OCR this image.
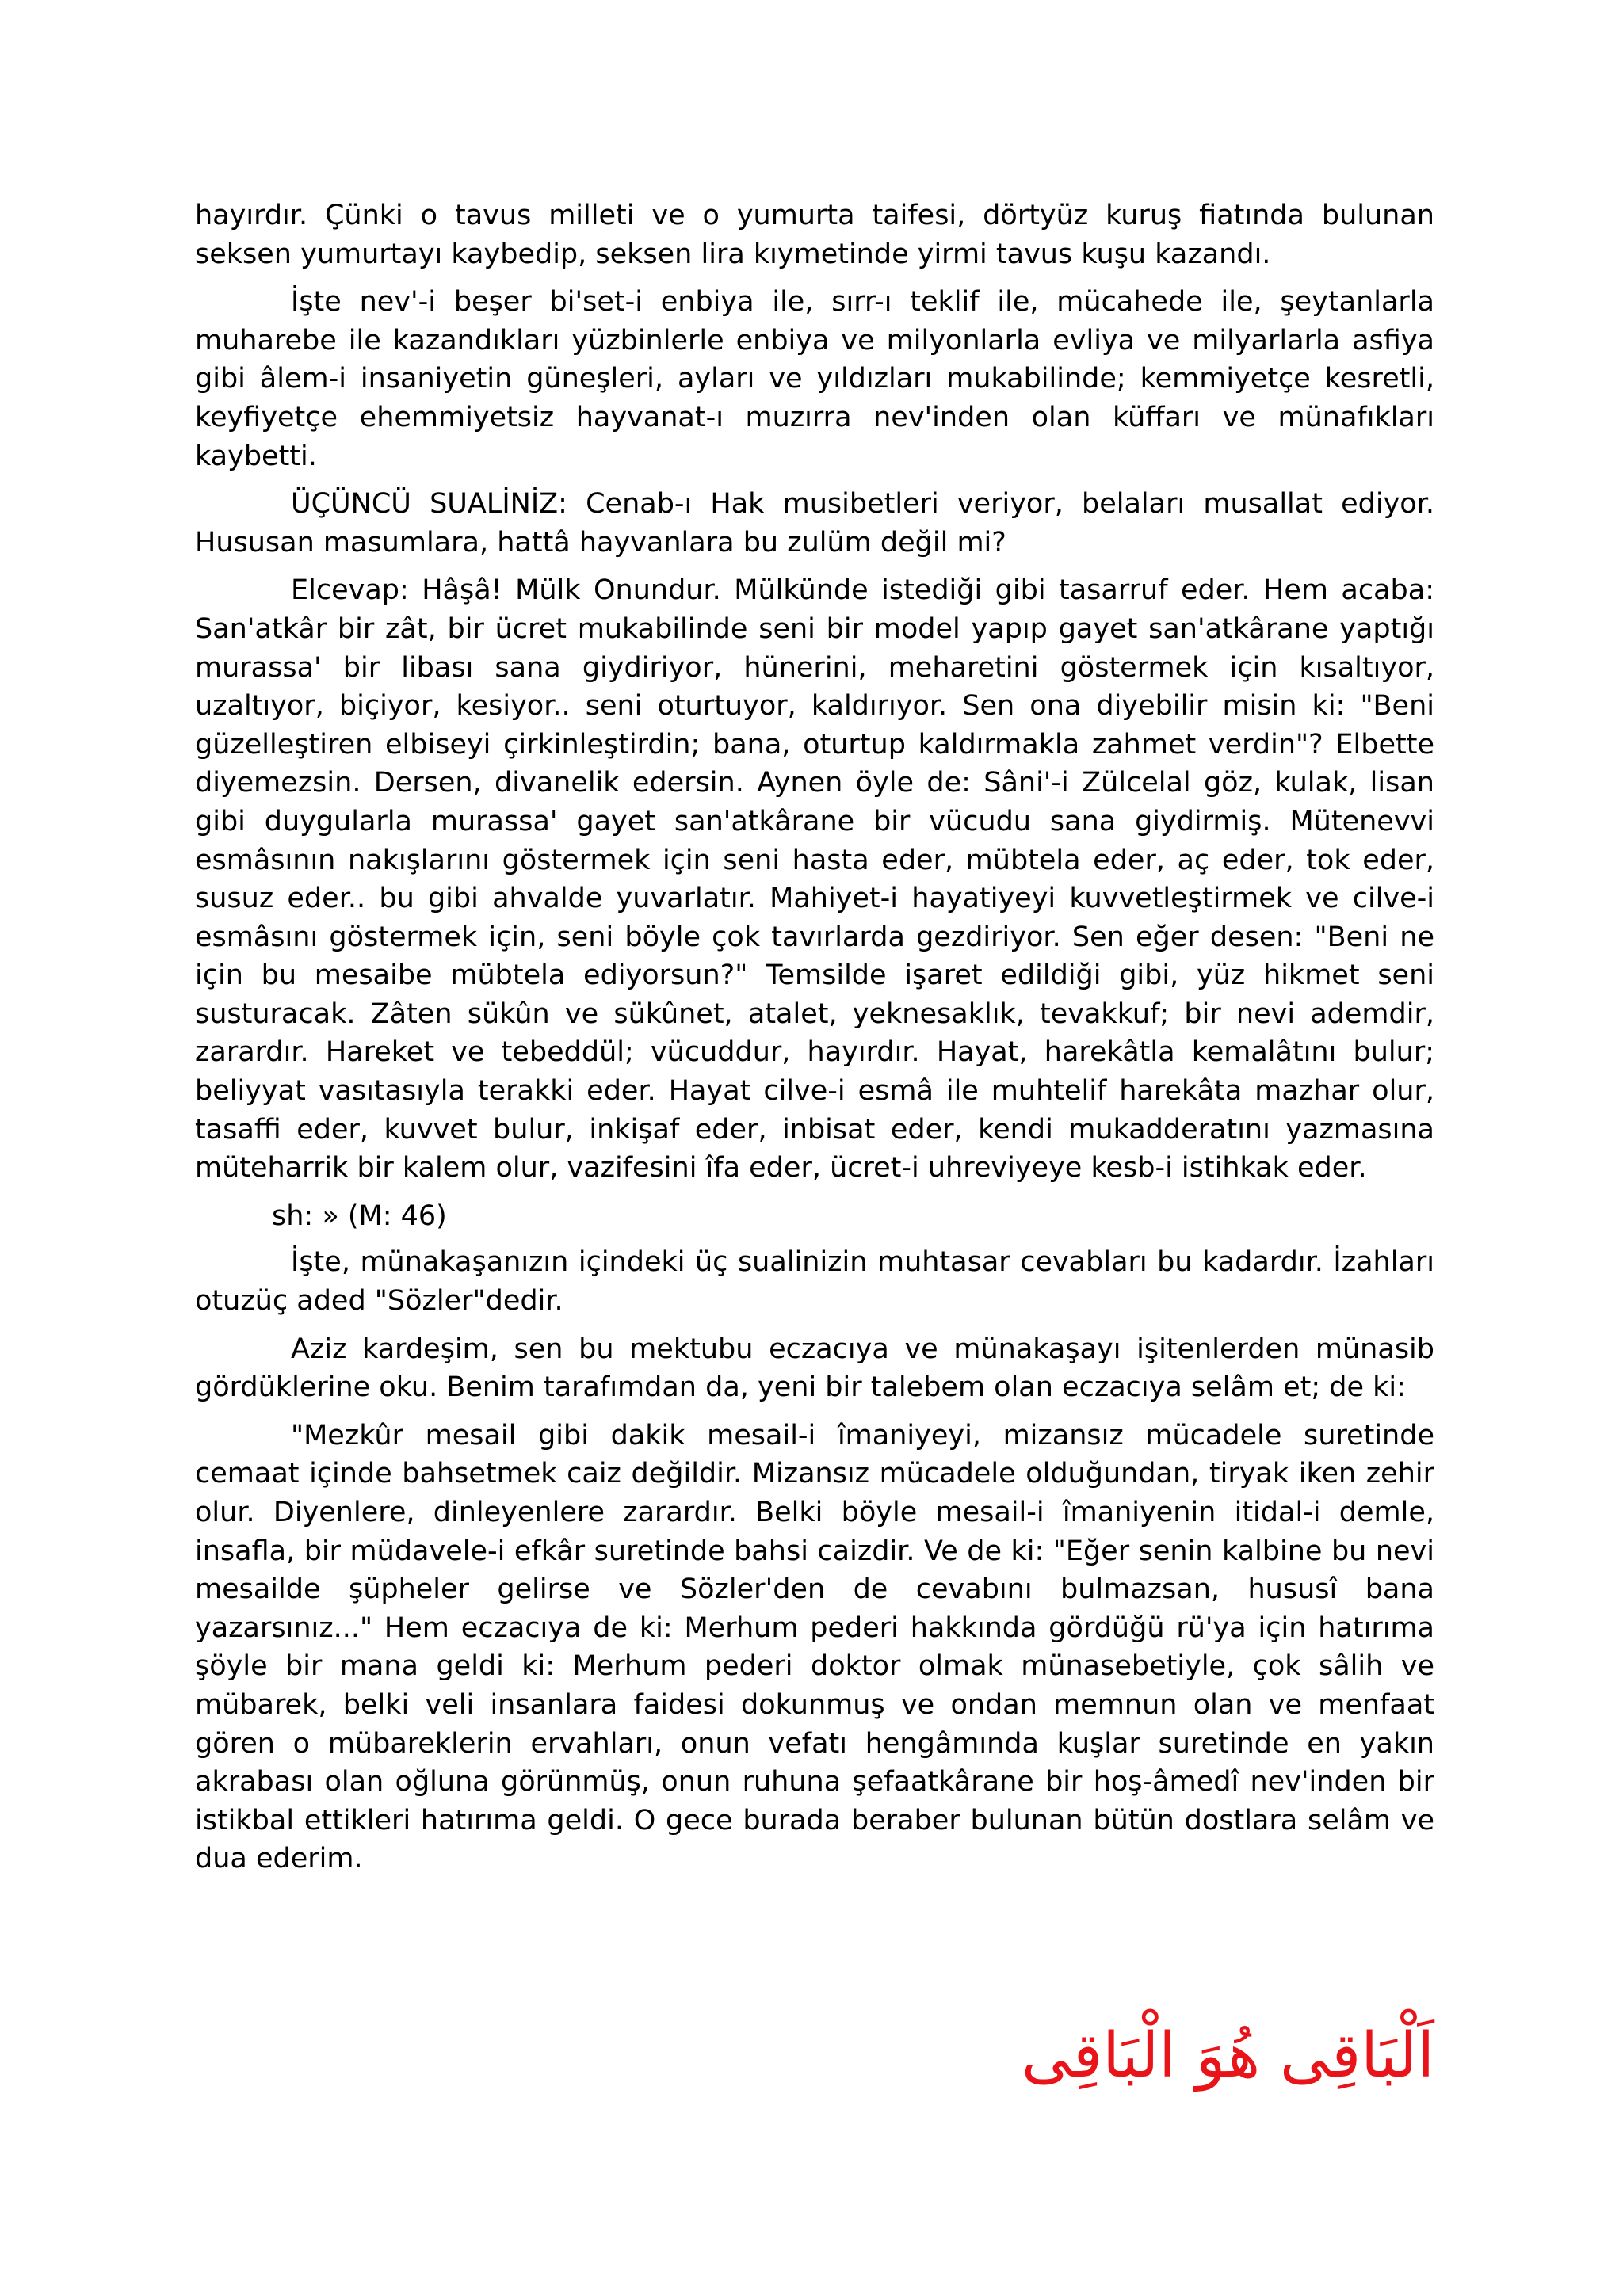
hayırdır. Çünki o tavus milleti ve o yumurta taifesi, dörtyüz kuruş fiatında bulunan seksen yumurtayı kaybedip, seksen lira kıymetinde yirmi tavus kuşu kazandı.

İşte nev'-i beşer bi'set-i enbiya ile, sırr-ı teklif ile, mücahede ile, şeytanlarla muharebe ile kazandıkları yüzbinlerle enbiya ve milyonlarla evliya ve milyarlarla asfiya gibi âlem-i insaniyetin güneşleri, ayları ve yıldızları mukabilinde; kemmiyetçe kesretli, keyfiyetçe ehemmiyetsiz hayvanat-ı muzırra nev'inden olan küffarı ve münafıkları kaybetti.

ÜÇÜNCÜ SUALİNİZ: Cenab-ı Hak musibetleri veriyor, belaları musallat ediyor. Hususan masumlara, hattâ hayvanlara bu zulüm değil mi?

Elcevap: Hâşâ! Mülk Onundur. Mülkünde istediği gibi tasarruf eder. Hem acaba: San'atkâr bir zât, bir ücret mukabilinde seni bir model yapıp gayet san'atkârane yaptığı murassa' bir libası sana giydiriyor, hünerini, meharetini göstermek için kısaltıyor, uzaltıyor, biçiyor, kesiyor.. seni oturtuyor, kaldırıyor. Sen ona diyebilir misin ki: "Beni güzelleştiren elbiseyi çirkinleştirdin; bana, oturtup kaldırmakla zahmet verdin"? Elbette diyemezsin. Dersen, divanelik edersin. Aynen öyle de: Sâni'-i Zülcelal göz, kulak, lisan gibi duygularla murassa' gayet san'atkârane bir vücudu sana giydirmiş. Mütenevvi esmâsının nakışlarını göstermek için seni hasta eder, mübtela eder, aç eder, tok eder, susuz eder.. bu gibi ahvalde yuvarlatır. Mahiyet-i hayatiyeyi kuvvetleştirmek ve cilve-i esmâsını göstermek için, seni böyle çok tavırlarda gezdiriyor. Sen eğer desen: "Beni ne için bu mesaibe mübtela ediyorsun?" Temsilde işaret edildiği gibi, yüz hikmet seni susturacak. Zâten sükûn ve sükûnet, atalet, yeknesaklık, tevakkuf; bir nevi ademdir, zarardır. Hareket ve tebeddül; vücuddur, hayırdır. Hayat, harekâtla kemalâtını bulur; beliyyat vasıtasıyla terakki eder. Hayat cilve-i esmâ ile muhtelif harekâta mazhar olur, tasaffi eder, kuvvet bulur, inkişaf eder, inbisat eder, kendi mukadderatını yazmasına müteharrik bir kalem olur, vazifesini îfa eder, ücret-i uhreviyeye kesb-i istihkak eder.

sh: » (M: 46)

İşte, münakaşanızın içindeki üç sualinizin muhtasar cevabları bu kadardır. İzahları otuzüç aded "Sözler"dedir.

Aziz kardeşim, sen bu mektubu eczacıya ve münakaşayı işitenlerden münasib gördüklerine oku. Benim tarafımdan da, yeni bir talebem olan eczacıya selâm et; de ki:

"Mezkûr mesail gibi dakik mesail-i îmaniyeyi, mizansız mücadele suretinde cemaat içinde bahsetmek caiz değildir. Mizansız mücadele olduğundan, tiryak iken zehir olur. Diyenlere, dinleyenlere zarardır. Belki böyle mesail-i îmaniyenin itidal-i demle, insafla, bir müdavele-i efkâr suretinde bahsi caizdir. Ve de ki: "Eğer senin kalbine bu nevi mesailde şüpheler gelirse ve Sözler'den de cevabını bulmazsan, hususî bana yazarsınız..." Hem eczacıya de ki: Merhum pederi hakkında gördüğü rü'ya için hatırıma şöyle bir mana geldi ki: Merhum pederi doktor olmak münasebetiyle, çok sâlih ve mübarek, belki veli insanlara faidesi dokunmuş ve ondan memnun olan ve menfaat gören o mübareklerin ervahları, onun vefatı hengâmında kuşlar suretinde en yakın akrabası olan oğluna görünmüş, onun ruhuna şefaatkârane bir hoş-âmedî nev'inden bir istikbal ettikleri hatırıma geldi. O gece burada beraber bulunan bütün dostlara selâm ve dua ederim.

اَلْبَاقِى هُوَ الْبَاقِى
